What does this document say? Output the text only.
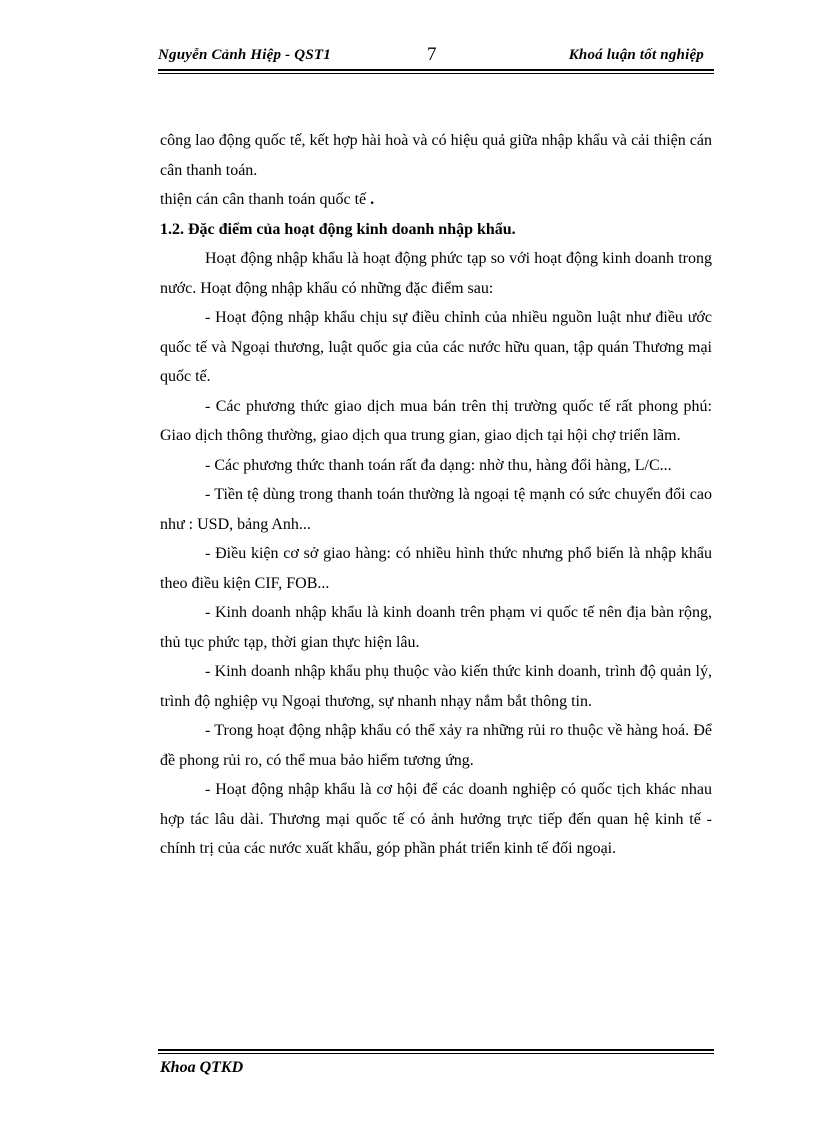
Nguyễn Cảnh Hiệp - QST1	7	Khoá luận tốt nghiệp

công lao động quốc tế, kết hợp hài hoà và có hiệu quả giữa nhập khẩu và cải thiện cán cân thanh toán.

thiện cán cân thanh toán quốc tế .

1.2. Đặc điểm của hoạt động kinh doanh nhập khẩu.

Hoạt động nhập khẩu là hoạt động phức tạp so với hoạt động kinh doanh trong nước. Hoạt động nhập khẩu có những đặc điểm sau:

- Hoạt động nhập khẩu chịu sự điều chỉnh của nhiều nguồn luật như điều ước quốc tế và Ngoại thương, luật quốc gia của các nước hữu quan, tập quán Thương mại quốc tế.

- Các phương thức giao dịch mua bán trên thị trường quốc tế rất phong phú: Giao dịch thông thường, giao dịch qua trung gian, giao dịch tại hội chợ triển lãm.

- Các phương thức thanh toán rất đa dạng: nhờ thu, hàng đổi hàng, L/C...

- Tiền tệ dùng trong thanh toán thường là ngoại tệ mạnh có sức chuyển đổi cao như : USD, bảng Anh...

- Điều kiện cơ sở giao hàng: có nhiều hình thức nhưng phổ biến là nhập khẩu theo điều kiện CIF, FOB...

- Kinh doanh nhập khẩu là kinh doanh trên phạm vi quốc tế nên địa bàn rộng, thủ tục phức tạp, thời gian thực hiện lâu.

- Kinh doanh nhập khẩu phụ thuộc vào kiến thức kinh doanh, trình độ quản lý, trình độ nghiệp vụ Ngoại thương, sự nhanh nhạy nắm bắt thông tin.

- Trong hoạt động nhập khẩu có thể xảy ra những rủi ro thuộc về hàng hoá. Để đề phong rủi ro, có thể mua bảo hiểm tương ứng.

- Hoạt động nhập khẩu là cơ hội để các doanh nghiệp có quốc tịch khác nhau hợp tác lâu dài. Thương mại quốc tế có ảnh hưởng trực tiếp đến quan hệ kinh tế - chính trị của các nước xuất khẩu, góp phần phát triển kinh tế đối ngoại.

Khoa QTKD
